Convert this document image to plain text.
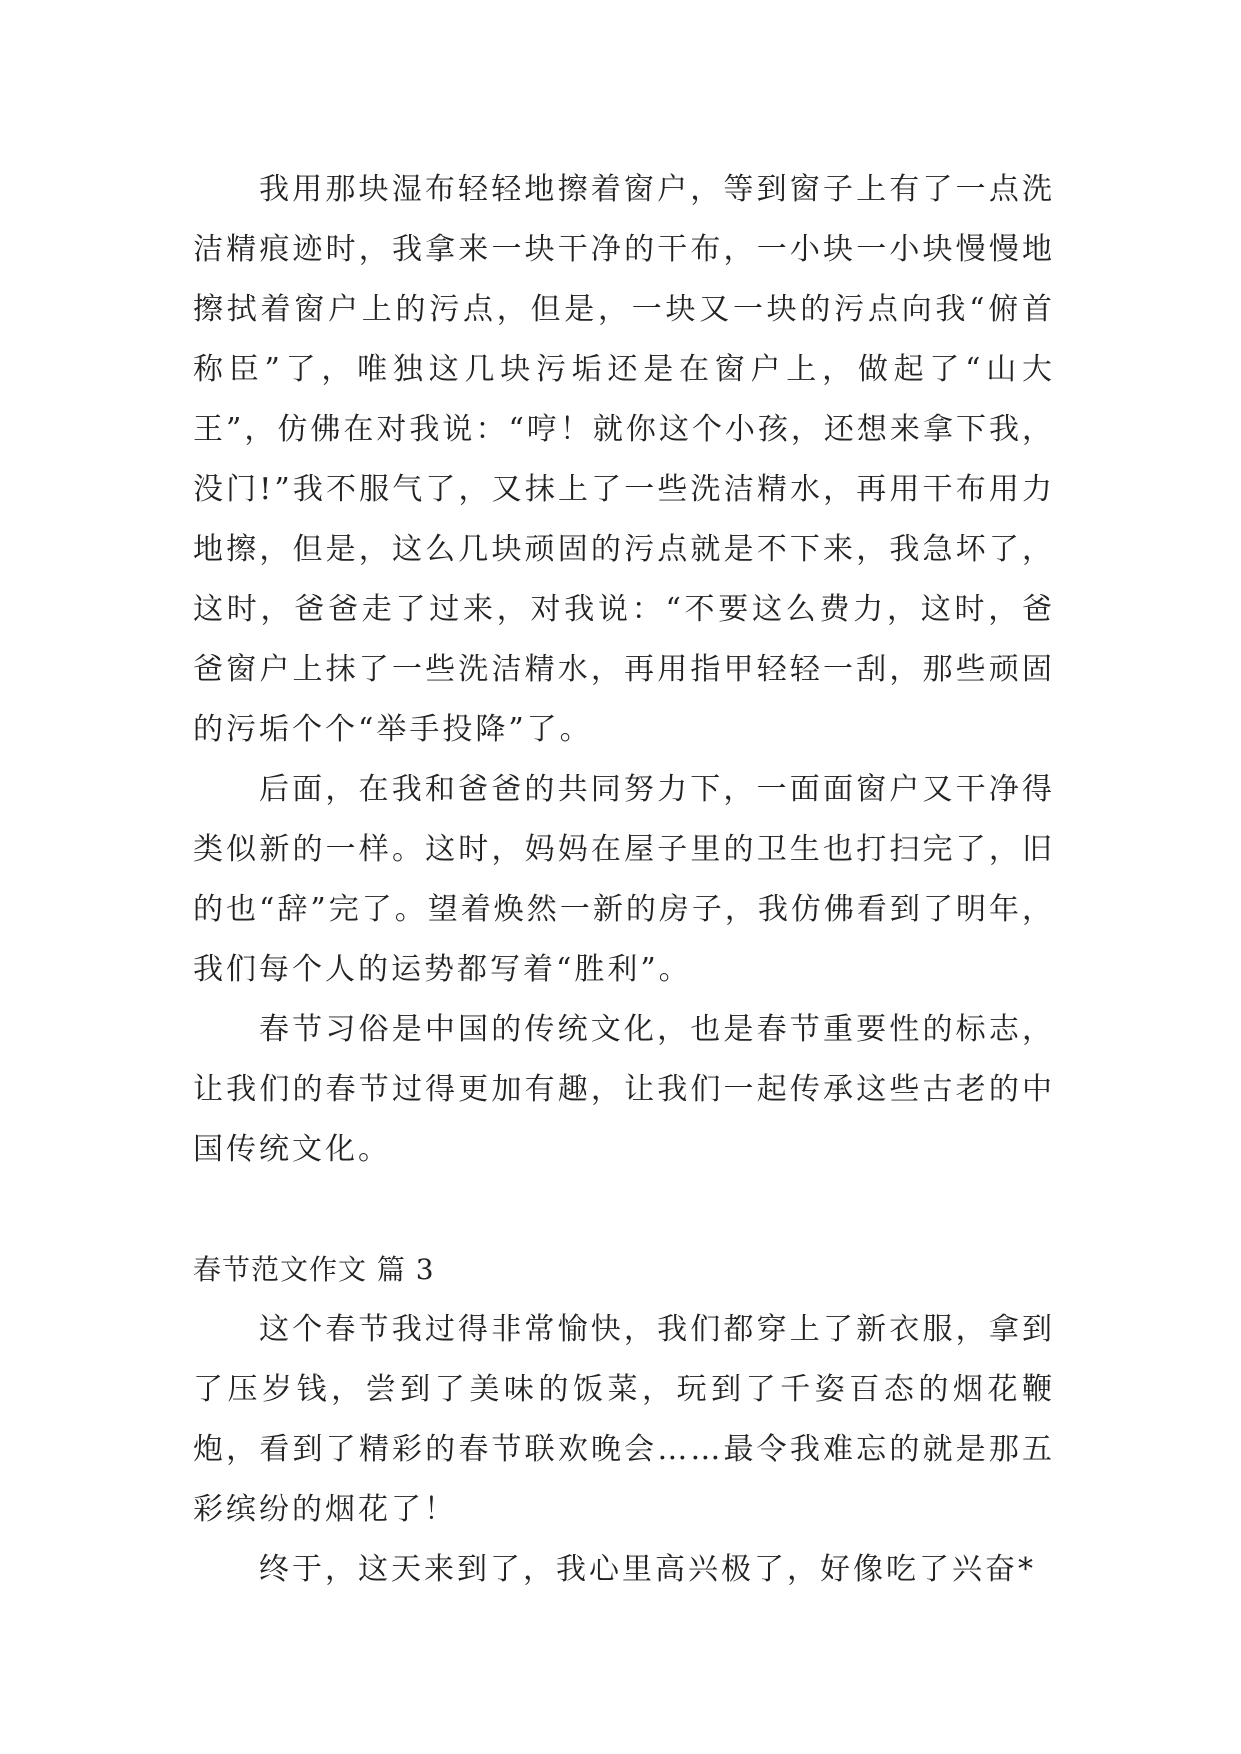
我用那块湿布轻轻地擦着窗户，等到窗子上有了一点洗洁精痕迹时，我拿来一块干净的干布，一小块一小块慢慢地擦拭着窗户上的污点，但是，一块又一块的污点向我“俯首称臣”了，唯独这几块污垢还是在窗户上，做起了“山大王”，仿佛在对我说：“哼！就你这个小孩，还想来拿下我，没门!”我不服气了，又抹上了一些洗洁精水，再用干布用力地擦，但是，这么几块顽固的污点就是不下来，我急坏了，这时，爸爸走了过来，对我说：“不要这么费力，这时，爸爸窗户上抹了一些洗洁精水，再用指甲轻轻一刮，那些顽固的污垢个个“举手投降”了。

后面，在我和爸爸的共同努力下，一面面窗户又干净得类似新的一样。这时，妈妈在屋子里的卫生也打扫完了，旧的也“辞”完了。望着焕然一新的房子，我仿佛看到了明年，我们每个人的运势都写着“胜利”。

春节习俗是中国的传统文化，也是春节重要性的标志，让我们的春节过得更加有趣，让我们一起传承这些古老的中国传统文化。

春节范文作文 篇 3

这个春节我过得非常愉快，我们都穿上了新衣服，拿到了压岁钱，尝到了美味的饭菜，玩到了千姿百态的烟花鞭炮，看到了精彩的春节联欢晚会……最令我难忘的就是那五彩缤纷的烟花了！

终于，这天来到了，我心里高兴极了，好像吃了兴奋*
